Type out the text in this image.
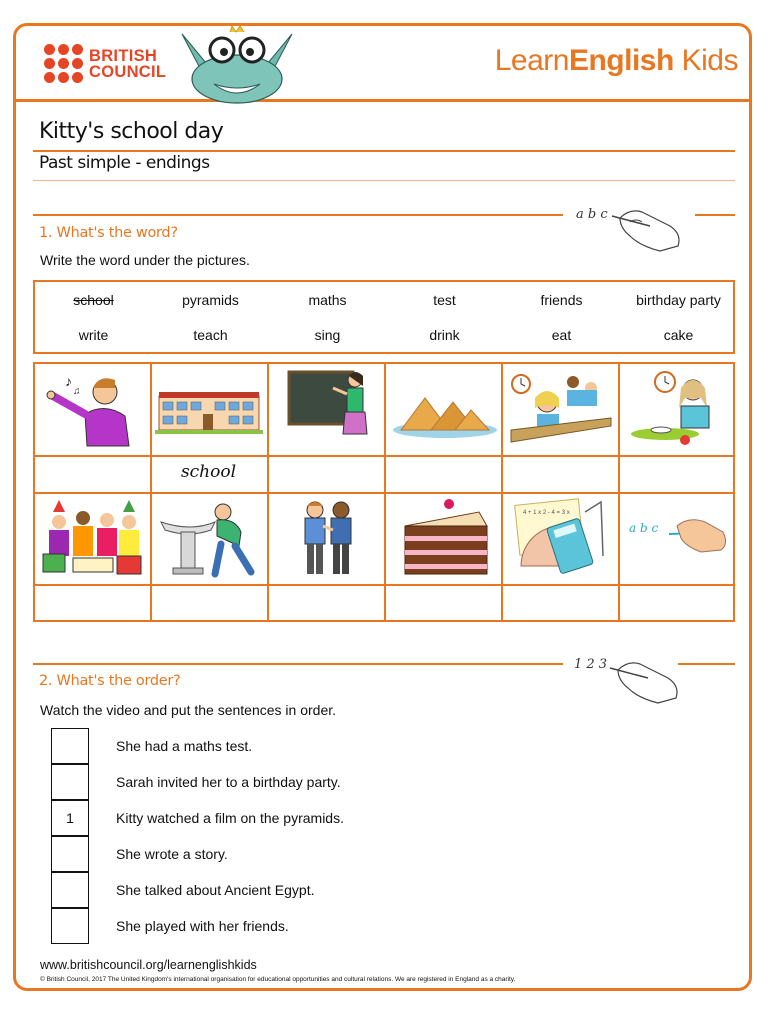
BRITISH
COUNCIL	LearnEnglish Kids
Kitty's school day
Past simple - endings
a b c
1. What's the word?
Write the word under the pictures.
school	pyramids	maths	test	friends	birthday party
write	teach	sing	drink	eat	cake
♪
♫
4 + 1 x 2 - 4 = 3 x
a b c
school
1 2 3
2. What's the order?
Watch the video and put the sentences in order.
She had a maths test.
Sarah invited her to a birthday party.
1	Kitty watched a film on the pyramids.
She wrote a story.
She talked about Ancient Egypt.
She played with her friends.
www.britishcouncil.org/learnenglishkids
© British Council, 2017 The United Kingdom's international organisation for educational opportunities and cultural relations. We are registered in England as a charity.
